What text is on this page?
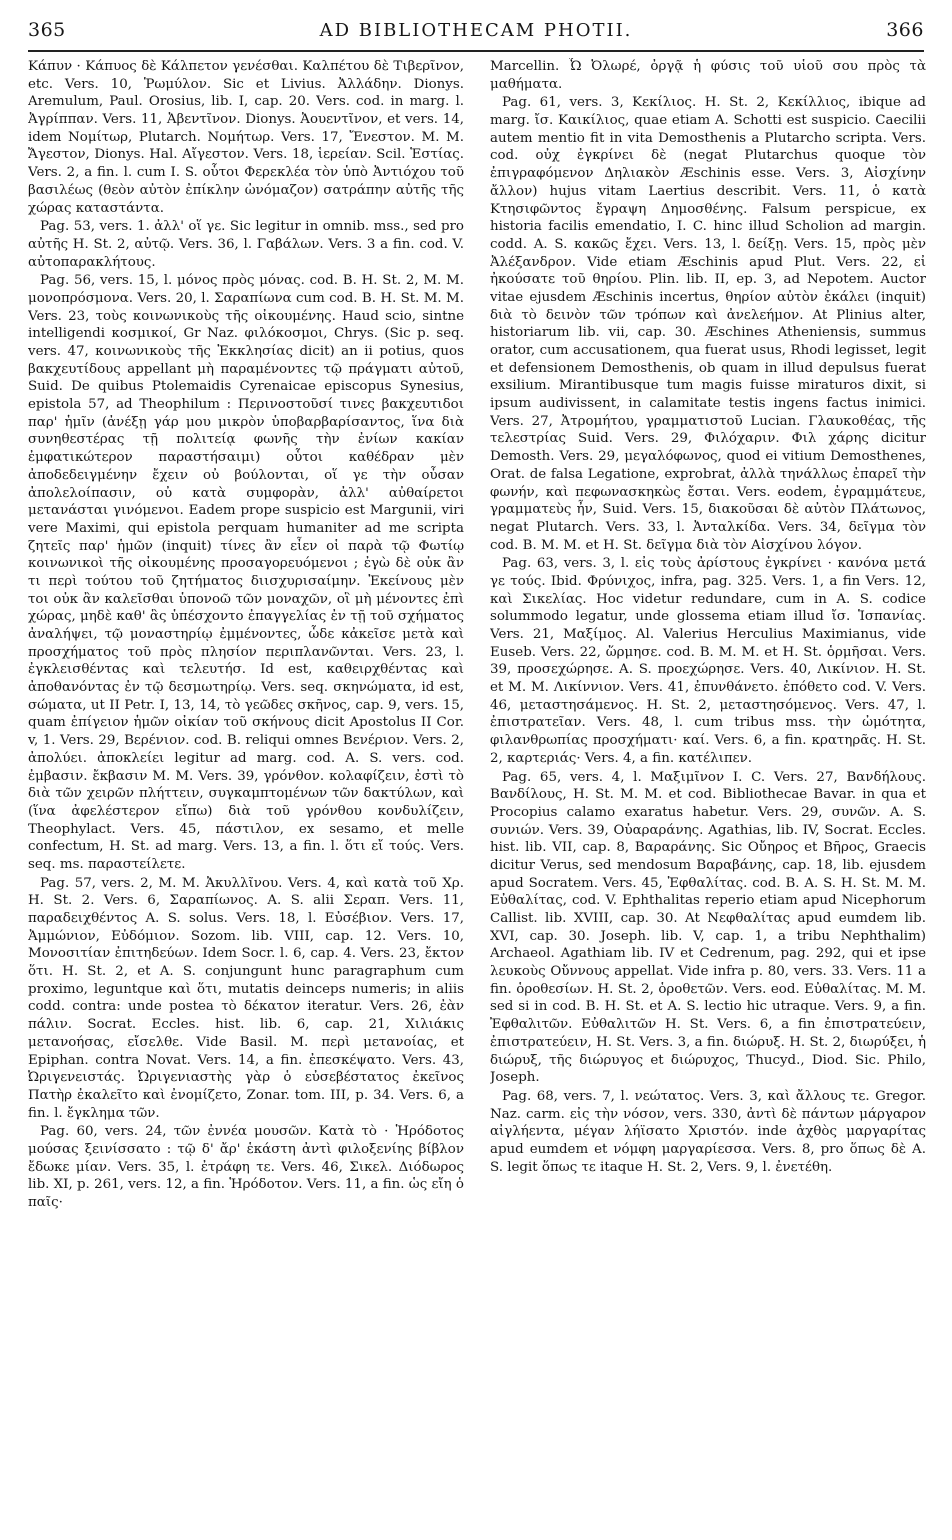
365	AD BIBLIOTHECAM PHOTII.	366

Κάπυν · Κάπυος δὲ Κάλπετον γενέσθαι. Καλπέτου δὲ Τιβερῖνον, etc. Vers. 10, Ῥωμύλον. Sic et Livius. Ἀλλάδην. Dionys. Aremulum, Paul. Orosius, lib. I, cap. 20. Vers. cod. in marg. l. Ἀγρίππαν. Vers. 11, Ἀβεντῖνον. Dionys. Ἀουεντῖνον, et vers. 14, idem Νομίτωρ, Plutarch. Νομήτωρ. Vers. 17, Ἔνεστον. M. M. Ἄγεστον, Dionys. Hal. Αἴγεστον. Vers. 18, ἱερείαν. Scil. Ἑστίας. Vers. 2, a fin. l. cum I. S. οὗτοι Φερεκλέα τὸν ὑπὸ Ἀντιόχου τοῦ βασιλέως (θεὸν αὐτὸν ἐπίκλην ὠνόμαζον) σατράπην αὐτῆς τῆς χώρας καταστάντα.

Pag. 53, vers. 1. ἀλλ' οἵ γε. Sic legitur in omnib. mss., sed pro αὐτῆς H. St. 2, αὐτῷ. Vers. 36, l. Γαβάλων. Vers. 3 a fin. cod. V. αὐτοπαρακλήτους.

Pag. 56, vers. 15, l. μόνος πρὸς μόνας. cod. B. H. St. 2, M. M. μονοπρόσμονα. Vers. 20, l. Σαραπίωνα cum cod. B. H. St. M. M. Vers. 23, τοὺς κοινωνικοὺς τῆς οἰκουμένης. Haud scio, sintne intelligendi κοσμικοί, Gr Naz. φιλόκοσμοι, Chrys. (Sic p. seq. vers. 47, κοινωνικοὺς τῆς Ἐκκλησίας dicit) an ii potius, quos βακχευτίδους appellant μὴ παραμένοντες τῷ πράγματι αὐτοῦ, Suid. De quibus Ptolemaidis Cyrenaicae episcopus Synesius, epistola 57, ad Theophilum : Περινοστοῦσί τινες βακχευτιδοι παρ' ἡμῖν (ἀνέξῃ γάρ μου μικρὸν ὑποβαρβαρίσαντος, ἵνα διὰ συνηθεστέρας τῇ πολιτείᾳ φωνῆς τὴν ἐνίων κακίαν ἐμφατικώτερον παραστήσαιμι) οὗτοι καθέδραν μὲν ἀποδεδειγμένην ἔχειν οὐ βούλονται, οἵ γε τὴν οὖσαν ἀπολελοίπασιν, οὐ κατὰ συμφορὰν, ἀλλ' αὐθαίρετοι μετανάσται γινόμενοι. Eadem prope suspicio est Margunii, viri vere Maximi, qui epistola perquam humaniter ad me scripta ζητεῖς παρ' ἡμῶν (inquit) τίνες ἂν εἶεν οἱ παρὰ τῷ Φωτίῳ κοινωνικοὶ τῆς οἰκουμένης προσαγορευόμενοι ; ἐγὼ δὲ οὐκ ἂν τι περὶ τούτου τοῦ ζητήματος διισχυρισαίμην. Ἐκείνους μὲν τοι οὐκ ἂν καλεῖσθαι ὑπονοῶ τῶν μοναχῶν, οἳ μὴ μένοντες ἐπὶ χώρας, μηδὲ καθ' ἃς ὑπέσχοντο ἐπαγγελίας ἐν τῇ τοῦ σχήματος ἀναλήψει, τῷ μοναστηρίῳ ἐμμένοντες, ὧδε κἀκεῖσε μετὰ καὶ προσχήματος τοῦ πρὸς πλησίον περιπλανῶνται. Vers. 23, l. ἐγκλεισθέντας καὶ τελευτήσ. Id est, καθειρχθέντας καὶ ἀποθανόντας ἐν τῷ δεσμωτηρίῳ. Vers. seq. σκηνώματα, id est, σώματα, ut II Petr. I, 13, 14, τὸ γεῶδες σκῆνος, cap. 9, vers. 15, quam ἐπίγειον ἡμῶν οἰκίαν τοῦ σκήνους dicit Apostolus II Cor. v, 1. Vers. 29, Βερένιον. cod. B. reliqui omnes Βενέριον. Vers. 2, ἀπολύει. ἀποκλείει legitur ad marg. cod. A. S. vers. cod. ἐμβασιν. ἔκβασιν M. M. Vers. 39, γρόνθον. κολαφίζειν, ἐστὶ τὸ διὰ τῶν χειρῶν πλήττειν, συγκαμπτομένων τῶν δακτύλων, καὶ (ἵνα ἀφελέστερον εἴπω) διὰ τοῦ γρόνθου κονδυλίζειν, Theophylact. Vers. 45, πάστιλον, ex sesamo, et melle confectum, H. St. ad marg. Vers. 13, a fin. l. ὅτι εἴ τούς. Vers. seq. ms. παραστείλετε.

Pag. 57, vers. 2, M. M. Ἀκυλλῖνου. Vers. 4, καὶ κατὰ τοῦ Χρ. H. St. 2. Vers. 6, Σαραπίωνος. A. S. alii Σεραπ. Vers. 11, παραδειχθέντος A. S. solus. Vers. 18, l. Εὐσέβιον. Vers. 17, Ἀμμώνιον, Εὐδόμιον. Sozom. lib. VIII, cap. 12. Vers. 10, Μονοσιτίαν ἐπιτηδεύων. Idem Socr. l. 6, cap. 4. Vers. 23, ἔκτον ὅτι. H. St. 2, et A. S. conjungunt hunc paragraphum cum proximo, leguntque καὶ ὅτι, mutatis deinceps numeris; in aliis codd. contra: unde postea τὸ δέκατον iteratur. Vers. 26, ἐὰν πάλιν. Socrat. Eccles. hist. lib. 6, cap. 21, Χιλιάκις μετανοήσας, εἴσελθε. Vide Basil. M. περὶ μετανοίας, et Epiphan. contra Novat. Vers. 14, a fin. ἐπεσκέψατο. Vers. 43, Ὠριγενειστάς. Ὠριγενιαστὴς γὰρ ὁ εὐσεβέστατος ἐκεῖνος Πατὴρ ἐκαλεῖτο καὶ ἐνομίζετο, Zonar. tom. III, p. 34. Vers. 6, a fin. l. ἔγκλημα τῶν.

Pag. 60, vers. 24, τῶν ἐννέα μουσῶν. Κατὰ τὸ · Ἡρόδοτος μούσας ξεινίσσατο : τῷ δ' ἄρ' ἑκάστη ἀντὶ φιλοξενίης βίβλον ἔδωκε μίαν. Vers. 35, l. ἐτράφη τε. Vers. 46, Σικελ. Διόδωρος lib. XI, p. 261, vers. 12, a fin. Ἡρόδοτον. Vers. 11, a fin. ὡς εἴη ὁ παῖς·

Marcellin. Ὦ Ὀλωρέ, ὀργᾷ ἡ φύσις τοῦ υἱοῦ σου πρὸς τὰ μαθήματα.

Pag. 61, vers. 3, Κεκίλιος. H. St. 2, Κεκίλλιος, ibique ad marg. ἴσ. Καικίλιος, quae etiam A. Schotti est suspicio. Caecilii autem mentio fit in vita Demosthenis a Plutarcho scripta. Vers. cod. οὐχ ἐγκρίνει δὲ (negat Plutarchus quoque τὸν ἐπιγραφόμενον Δηλιακὸν Æschinis esse. Vers. 3, Αἰσχίνην ἄλλον) hujus vitam Laertius describit. Vers. 11, ὁ κατὰ Κτησιφῶντος ἔγραψη Δημοσθένης. Falsum perspicue, ex historia facilis emendatio, I. C. hinc illud Scholion ad margin. codd. A. S. κακῶς ἔχει. Vers. 13, l. δείξῃ. Vers. 15, πρὸς μὲν Ἀλέξανδρον. Vide etiam Æschinis apud Plut. Vers. 22, εἰ ἠκούσατε τοῦ θηρίου. Plin. lib. II, ep. 3, ad Nepotem. Auctor vitae ejusdem Æschinis incertus, θηρίον αὐτὸν ἐκάλει (inquit) διὰ τὸ δεινὸν τῶν τρόπων καὶ ἀνελεήμον. At Plinius alter, historiarum lib. vii, cap. 30. Æschines Atheniensis, summus orator, cum accusationem, qua fuerat usus, Rhodi legisset, legit et defensionem Demosthenis, ob quam in illud depulsus fuerat exsilium. Mirantibusque tum magis fuisse miraturos dixit, si ipsum audivissent, in calamitate testis ingens factus inimici. Vers. 27, Ἀτρομήτου, γραμματιστοῦ Lucian. Γλαυκοθέας, τῆς τελεστρίας Suid. Vers. 29, Φιλόχαριν. Φιλ χάρης dicitur Demosth. Vers. 29, μεγαλόφωνος, quod ei vitium Demosthenes, Orat. de falsa Legatione, exprobrat, ἀλλὰ τηνάλλως ἐπαρεῖ τὴν φωνήν, καὶ πεφωνασκηκὼς ἔσται. Vers. eodem, ἐγραμμάτευε, γραμματεὺς ἦν, Suid. Vers. 15, διακοῦσαι δὲ αὐτὸν Πλάτωνος, negat Plutarch. Vers. 33, l. Ἀνταλκίδα. Vers. 34, δεῖγμα τὸν cod. B. M. M. et H. St. δεῖγμα διὰ τὸν Αἰσχίνου λόγον.

Pag. 63, vers. 3, l. εἰς τοὺς ἀρίστους ἐγκρίνει · κανόνα μετά γε τούς. Ibid. Φρύνιχος, infra, pag. 325. Vers. 1, a fin Vers. 12, καὶ Σικελίας. Hoc videtur redundare, cum in A. S. codice solummodo legatur, unde glossema etiam illud ἴσ. Ἱσπανίας. Vers. 21, Μαξίμος. Al. Valerius Herculius Maximianus, vide Euseb. Vers. 22, ὥρμησε. cod. B. M. M. et H. St. ὁρμῆσαι. Vers. 39, προσεχώρησε. A. S. προεχώρησε. Vers. 40, Λικίνιον. H. St. et M. M. Λικίννιον. Vers. 41, ἐπυνθάνετο. ἐπόθετο cod. V. Vers. 46, μεταστησάμενος. H. St. 2, μεταστησόμενος. Vers. 47, l. ἐπιστρατεῖαν. Vers. 48, l. cum tribus mss. τὴν ὠμότητα, φιλανθρωπίας προσχήματι· καί. Vers. 6, a fin. κρατηρᾶς. H. St. 2, καρτεριάς· Vers. 4, a fin. κατέλιπεν.

Pag. 65, vers. 4, l. Μαξιμῖνον I. C. Vers. 27, Βανδήλους. Βανδίλους, H. St. M. M. et cod. Bibliothecae Bavar. in qua et Procopius calamo exaratus habetur. Vers. 29, συνῶν. A. S. συνιών. Vers. 39, Οὐαραράνης. Agathias, lib. IV, Socrat. Eccles. hist. lib. VII, cap. 8, Βαραράνης. Sic Οὔηρος et Βῆρος, Graecis dicitur Verus, sed mendosum Βαραβάνης, cap. 18, lib. ejusdem apud Socratem. Vers. 45, Ἐφθαλίτας. cod. B. A. S. H. St. M. M. Εὐθαλίτας, cod. V. Ephthalitas reperio etiam apud Nicephorum Callist. lib. XVIII, cap. 30. At Νεφθαλίτας apud eumdem lib. XVI, cap. 30. Joseph. lib. V, cap. 1, a tribu Nephthalim) Archaeol. Agathiam lib. IV et Cedrenum, pag. 292, qui et ipse λευκοὺς Οὔννους appellat. Vide infra p. 80, vers. 33. Vers. 11 a fin. ὁροθεσίων. H. St. 2, ὁροθετῶν. Vers. eod. Εὐθαλίτας. M. M. sed si in cod. B. H. St. et A. S. lectio hic utraque. Vers. 9, a fin. Ἐφθαλιτῶν. Εὐθαλιτῶν H. St. Vers. 6, a fin ἐπιστρατεύειν, ἐπιστρατεύειν, H. St. Vers. 3, a fin. διώρυξ. H. St. 2, διωρύξει, ἡ διώρυξ, τῆς διώρυγος et διώρυχος, Thucyd., Diod. Sic. Philo, Joseph.

Pag. 68, vers. 7, l. νεώτατος. Vers. 3, καὶ ἄλλους τε. Gregor. Naz. carm. εἰς τὴν νόσον, vers. 330, ἀντὶ δὲ πάντων μάργαρον αἰγλήεντα, μέγαν λήϊσατο Χριστόν. inde ἀχθὸς μαργαρίτας apud eumdem et νόμφη μαργαρίεσσα. Vers. 8, pro ὅπως δὲ A. S. legit ὅπως τε itaque H. St. 2, Vers. 9, l. ἐνετέθη.
